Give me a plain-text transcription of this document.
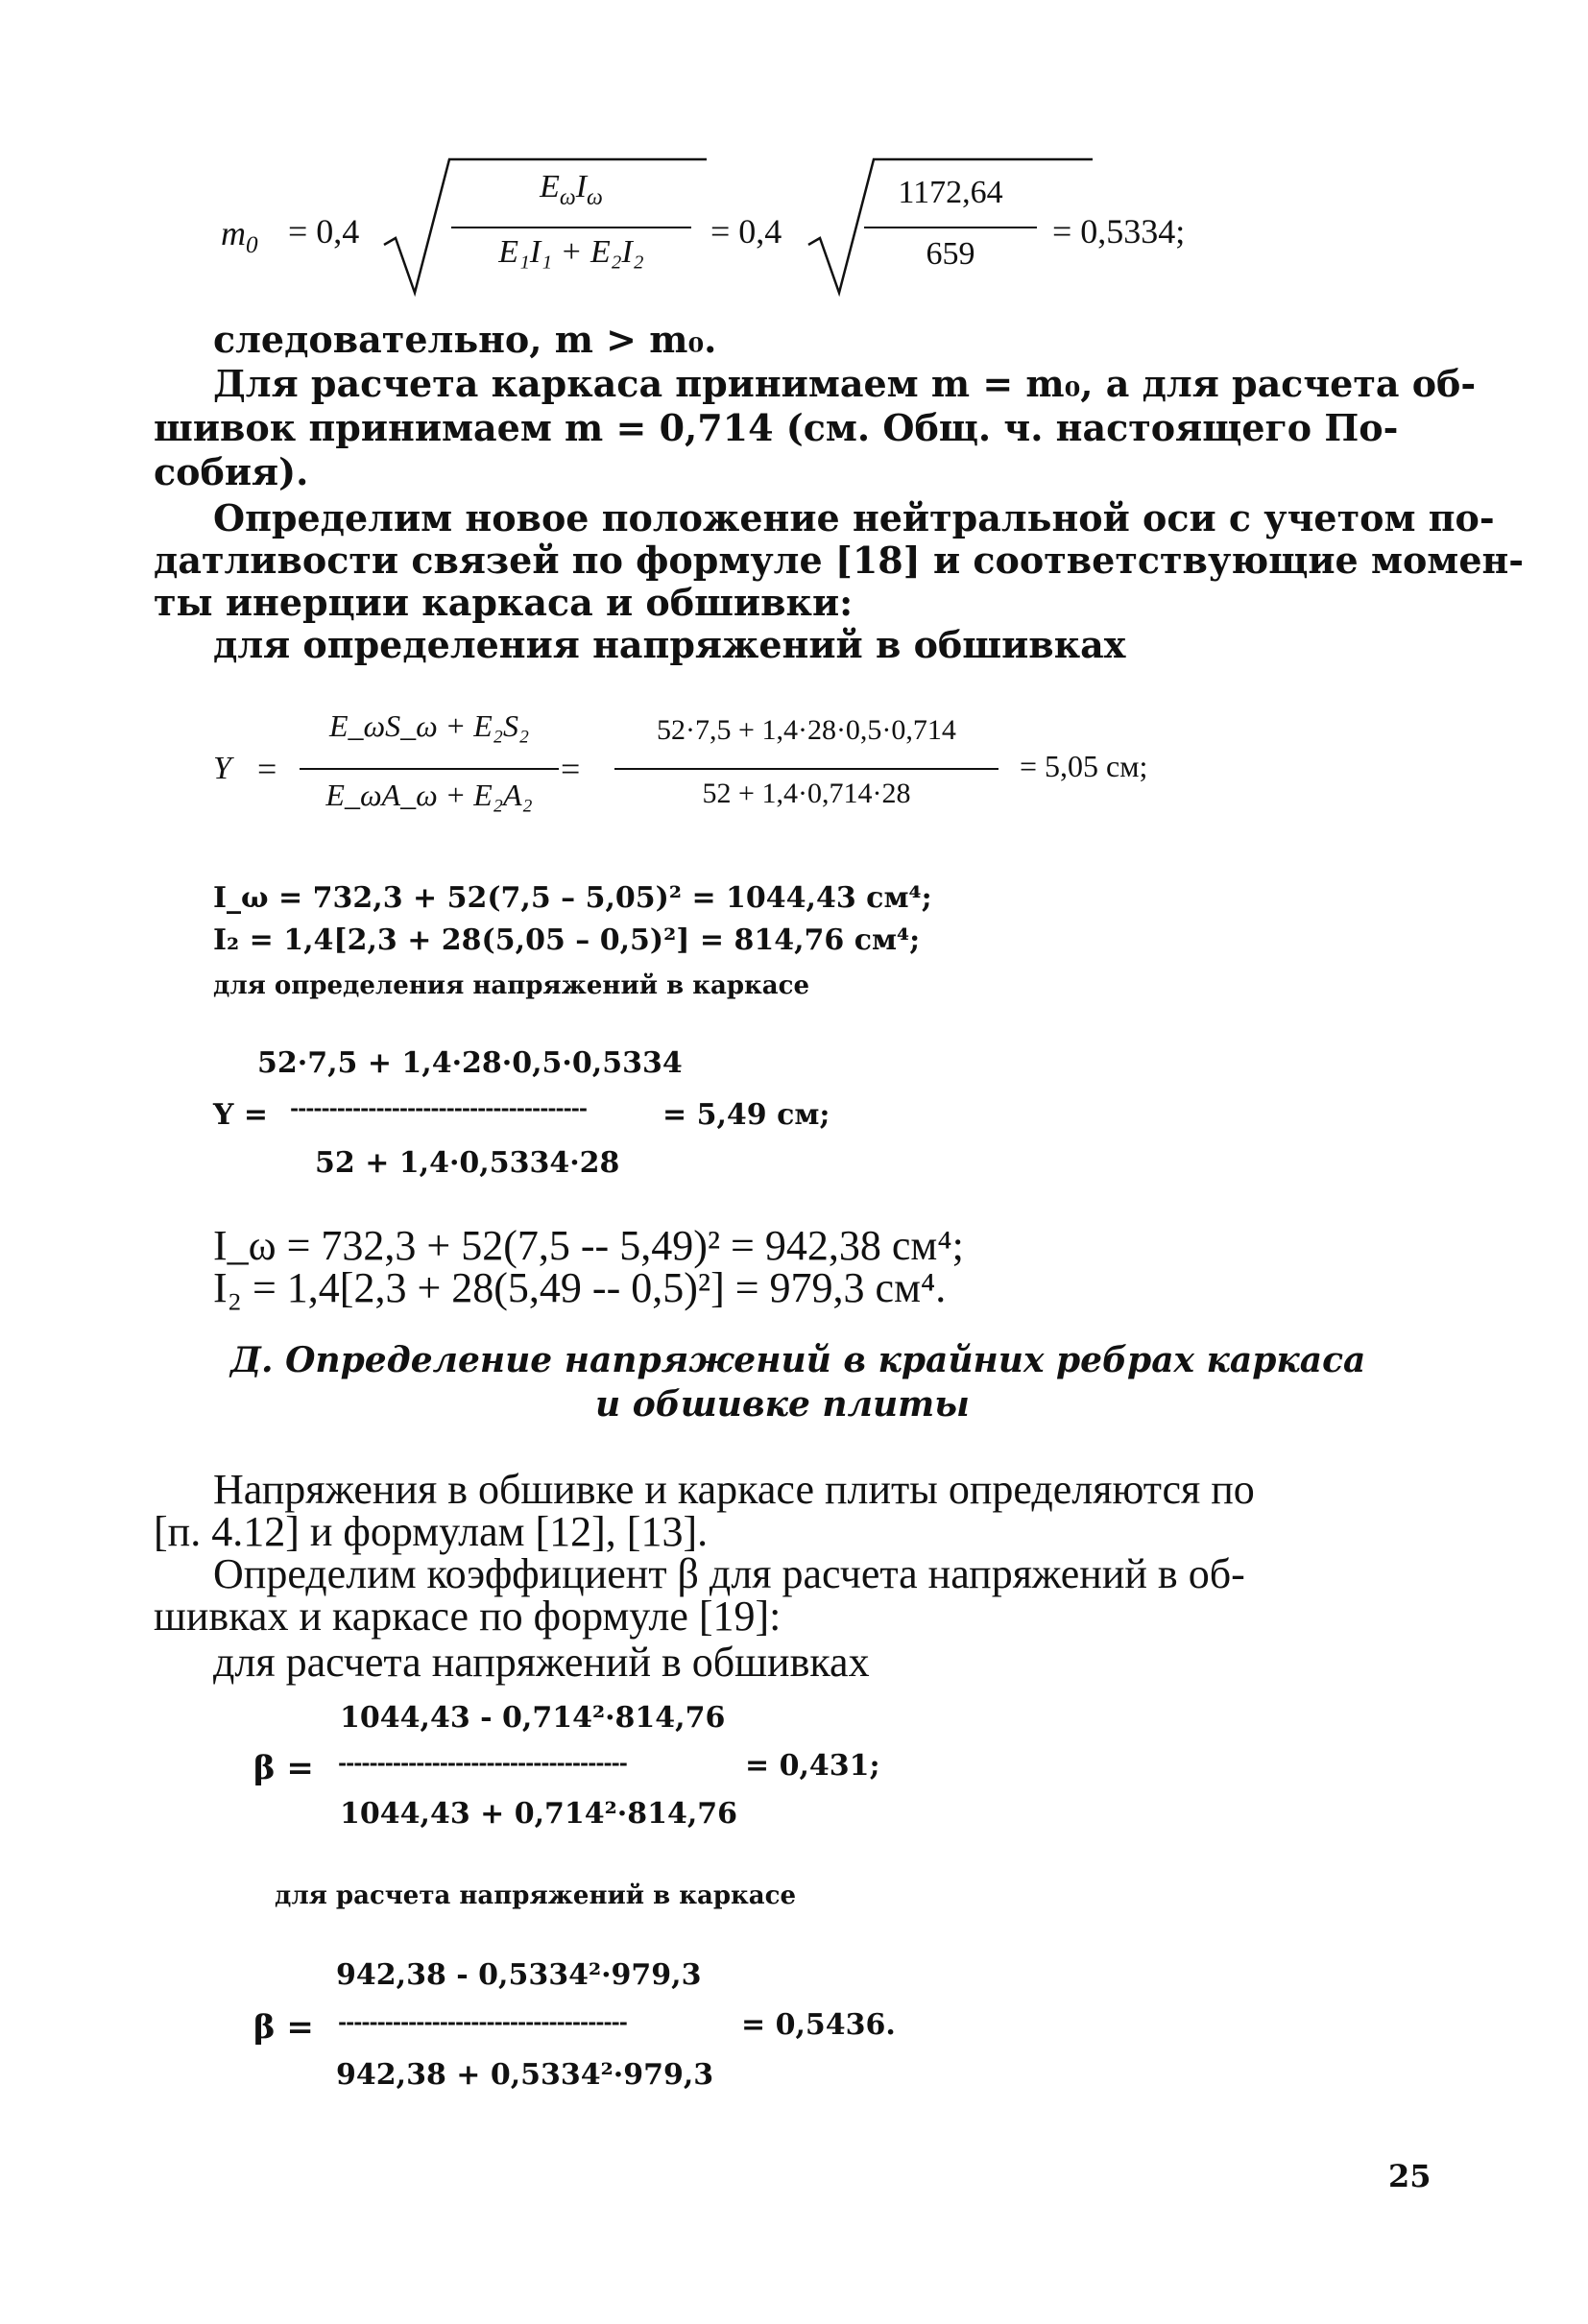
$m_0 = 0,4$
$E_\omega I_\omega$
E₁I₁ + E₂I₂
= 0,4
1172,64
659
= 0,5334;
следовательно, m > m₀.
Для расчета каркаса принимаем m = m₀, а для расчета об-
шивок принимаем m = 0,714 (см. Общ. ч. настоящего По-
собия).
Определим новое положение нейтральной оси с учетом по-
датливости связей по формуле [18] и соответствующие момен-
ты инерции каркаса и обшивки:
для определения напряжений в обшивках
Y =
E_ωS_ω + E₂S₂
E_ωA_ω + E₂A₂
=
52·7,5 + 1,4·28·0,5·0,714
52 + 1,4·0,714·28
= 5,05 см;
I_ω = 732,3 + 52(7,5 – 5,05)² = 1044,43 см⁴;
I₂ = 1,4[2,3 + 28(5,05 – 0,5)²] = 814,76 см⁴;
для определения напряжений в каркасе
52·7,5 + 1,4·28·0,5·0,5334
Y = --------------------------------------	= 5,49 см;
52 + 1,4·0,5334·28
I_ω = 732,3 + 52(7,5 -- 5,49)² = 942,38 см⁴;
I₂ = 1,4[2,3 + 28(5,49 -- 0,5)²] = 979,3 см⁴.
Д. Определение напряжений в крайних ребрах каркаса
и обшивке плиты
Напряжения в обшивке и каркасе плиты определяются по
[п. 4.12] и формулам [12], [13].
Определим коэффициент β для расчета напряжений в об-
шивках и каркасе по формуле [19]:
для расчета напряжений в обшивках
1044,43 - 0,714²·814,76
β = -------------------------------------	= 0,431;
1044,43 + 0,714²·814,76
для расчета напряжений в каркасе
942,38 - 0,5334²·979,3
β = -------------------------------------	= 0,5436.
942,38 + 0,5334²·979,3
25
